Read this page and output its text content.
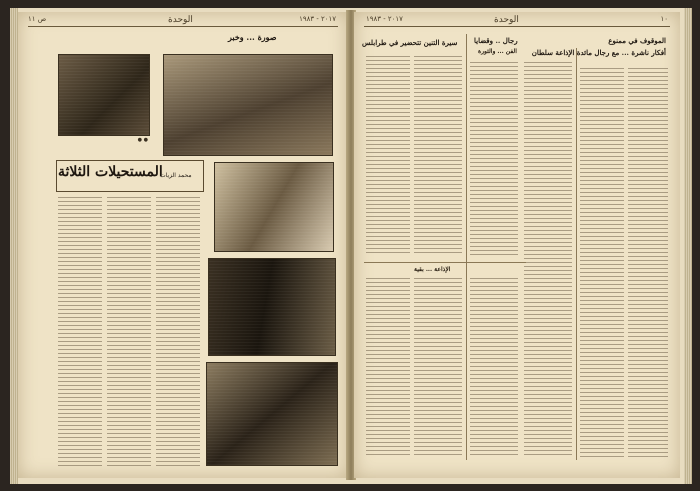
ص ١١	الوحدة	٢٠١٧ - ١٩٨٣
صورة ... وخبر
● ●
المستحيلات الثلاثة
محمد الزيات
٢٠١٧ - ١٩٨٣	الوحدة	١٠
الموقوف في ممنوع
أفكار ناشرة ... مع رجال مائدة الإذاعة سلطان
رجال .. وقضايا
الفن ... والثورة
سيرة التنين تتحضير في طرابلس
الإذاعة ... بقية
